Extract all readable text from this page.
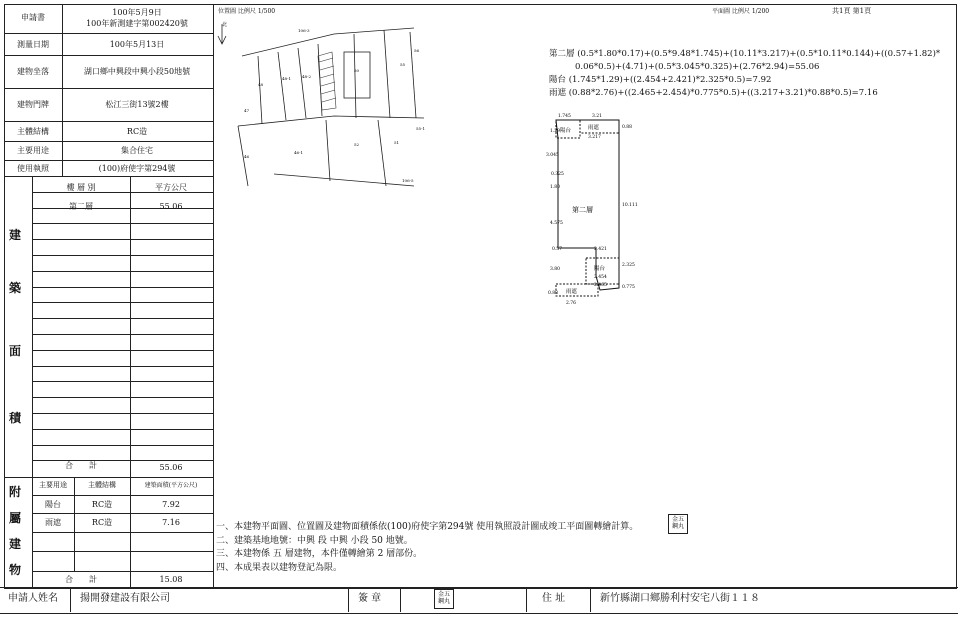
申請書
100年5月9日
100年新測建字第002420號
測量日期	100年5月13日
建物坐落	湖口鄉中興段中興小段50地號
建物門牌	松江三街13號2樓
主體結構	RC造
主要用途	集合住宅
使用執照	(100)府使字第294號
樓 層 別	平方公尺
第二層	55.06
合　　計	55.06
建
築
面
積
主要用途	主體結構	建築面積(平方公尺)
陽台	RC造	7.92
雨遮	RC造	7.16
合　　計	15.08
附
屬
建
物
位置圖 比例尺 1/500	平面圖 比例尺 1/200	共1頁 第1頁
北
106-3
56
48-1	48-2
50
55
48
47
55-1
46
46-1
52	51
106-5
第二層 (0.5*1.80*0.17)+(0.5*9.48*1.745)+(10.11*3.217)+(0.5*10.11*0.144)+((0.57+1.82)*
0.06*0.5)+(4.71)+(0.5*3.045*0.325)+(2.76*2.94)=55.06
陽台 (1.745*1.29)+((2.454+2.421)*2.325*0.5)=7.92
雨遮 (0.88*2.76)+((2.465+2.454)*0.775*0.5)+((3.217+3.21)*0.88*0.5)=7.16
陽台	雨遮
第二層
陽台
雨遮
1.745	3.21
1.29
3.217
0.88
3.045
0.325
1.80
4.575
10.111
0.57	2.421
3.80
2.325
2.454
2.465
0.88
0.775
2.76
一、本建物平面圖、位置圖及建物面積係依(100)府使字第294號 使用執照設計圖成竣工平面圖轉繪計算。
金五
鋼丸
二、建築基地地號：中興 段 中興 小段 50 地號。
三、本建物係 五 層建物，本件僅轉繪第 2 層部份。
四、本成果表以建物登記為限。
申請人姓名 揚開發建設有限公司	簽 章	金五
鋼丸	住 址	新竹縣湖口鄉勝利村安宅八街１１８
